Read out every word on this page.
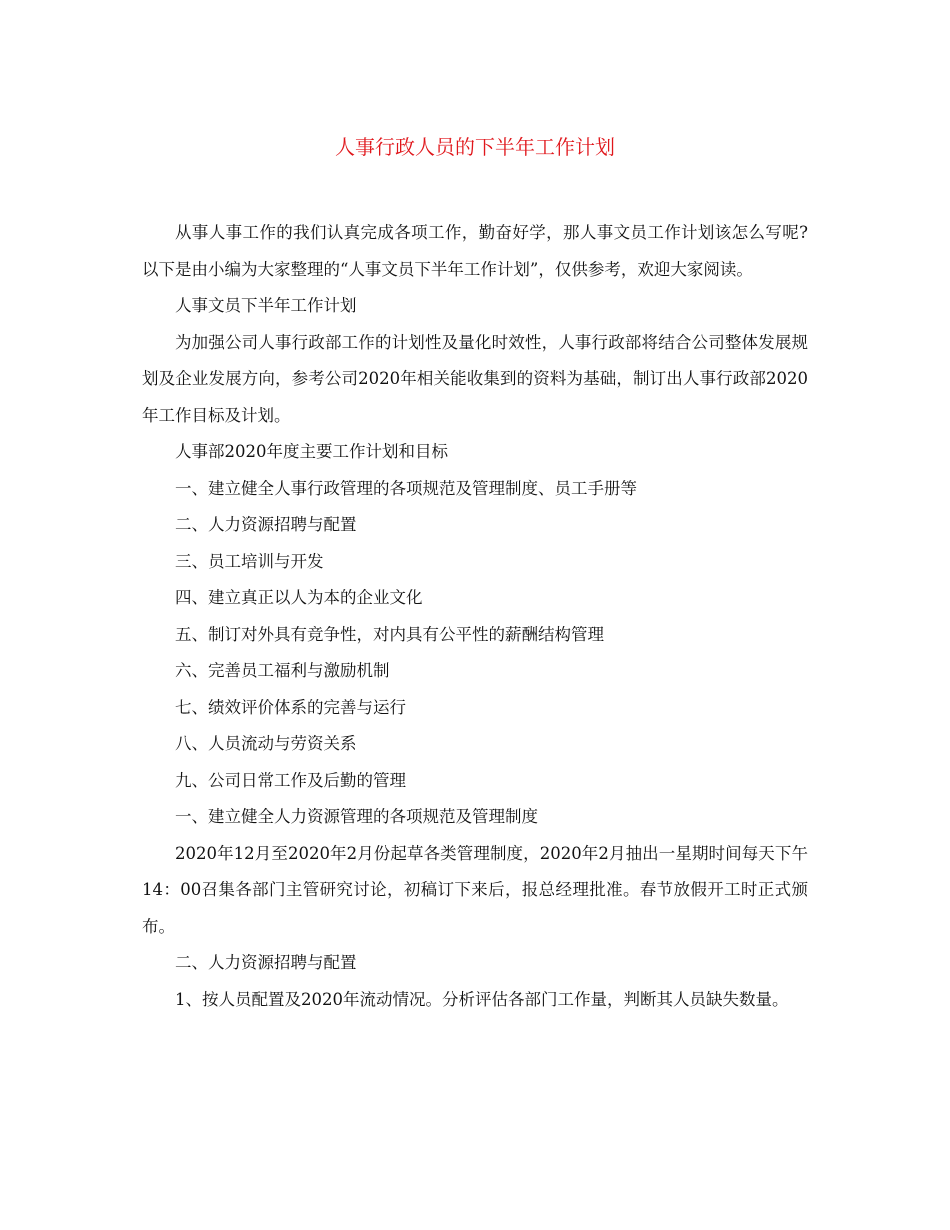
人事行政人员的下半年工作计划

从事人事工作的我们认真完成各项工作，勤奋好学，那人事文员工作计划该怎么写呢?以下是由小编为大家整理的“人事文员下半年工作计划”，仅供参考，欢迎大家阅读。

人事文员下半年工作计划

为加强公司人事行政部工作的计划性及量化时效性，人事行政部将结合公司整体发展规划及企业发展方向，参考公司2020年相关能收集到的资料为基础，制订出人事行政部2020年工作目标及计划。

人事部2020年度主要工作计划和目标

一、建立健全人事行政管理的各项规范及管理制度、员工手册等

二、人力资源招聘与配置

三、员工培训与开发

四、建立真正以人为本的企业文化

五、制订对外具有竞争性，对内具有公平性的薪酬结构管理

六、完善员工福利与激励机制

七、绩效评价体系的完善与运行

八、人员流动与劳资关系

九、公司日常工作及后勤的管理

一、建立健全人力资源管理的各项规范及管理制度

2020年12月至2020年2月份起草各类管理制度，2020年2月抽出一星期时间每天下午14：00召集各部门主管研究讨论，初稿订下来后，报总经理批准。春节放假开工时正式颁布。

二、人力资源招聘与配置

1、按人员配置及2020年流动情况。分析评估各部门工作量，判断其人员缺失数量。
